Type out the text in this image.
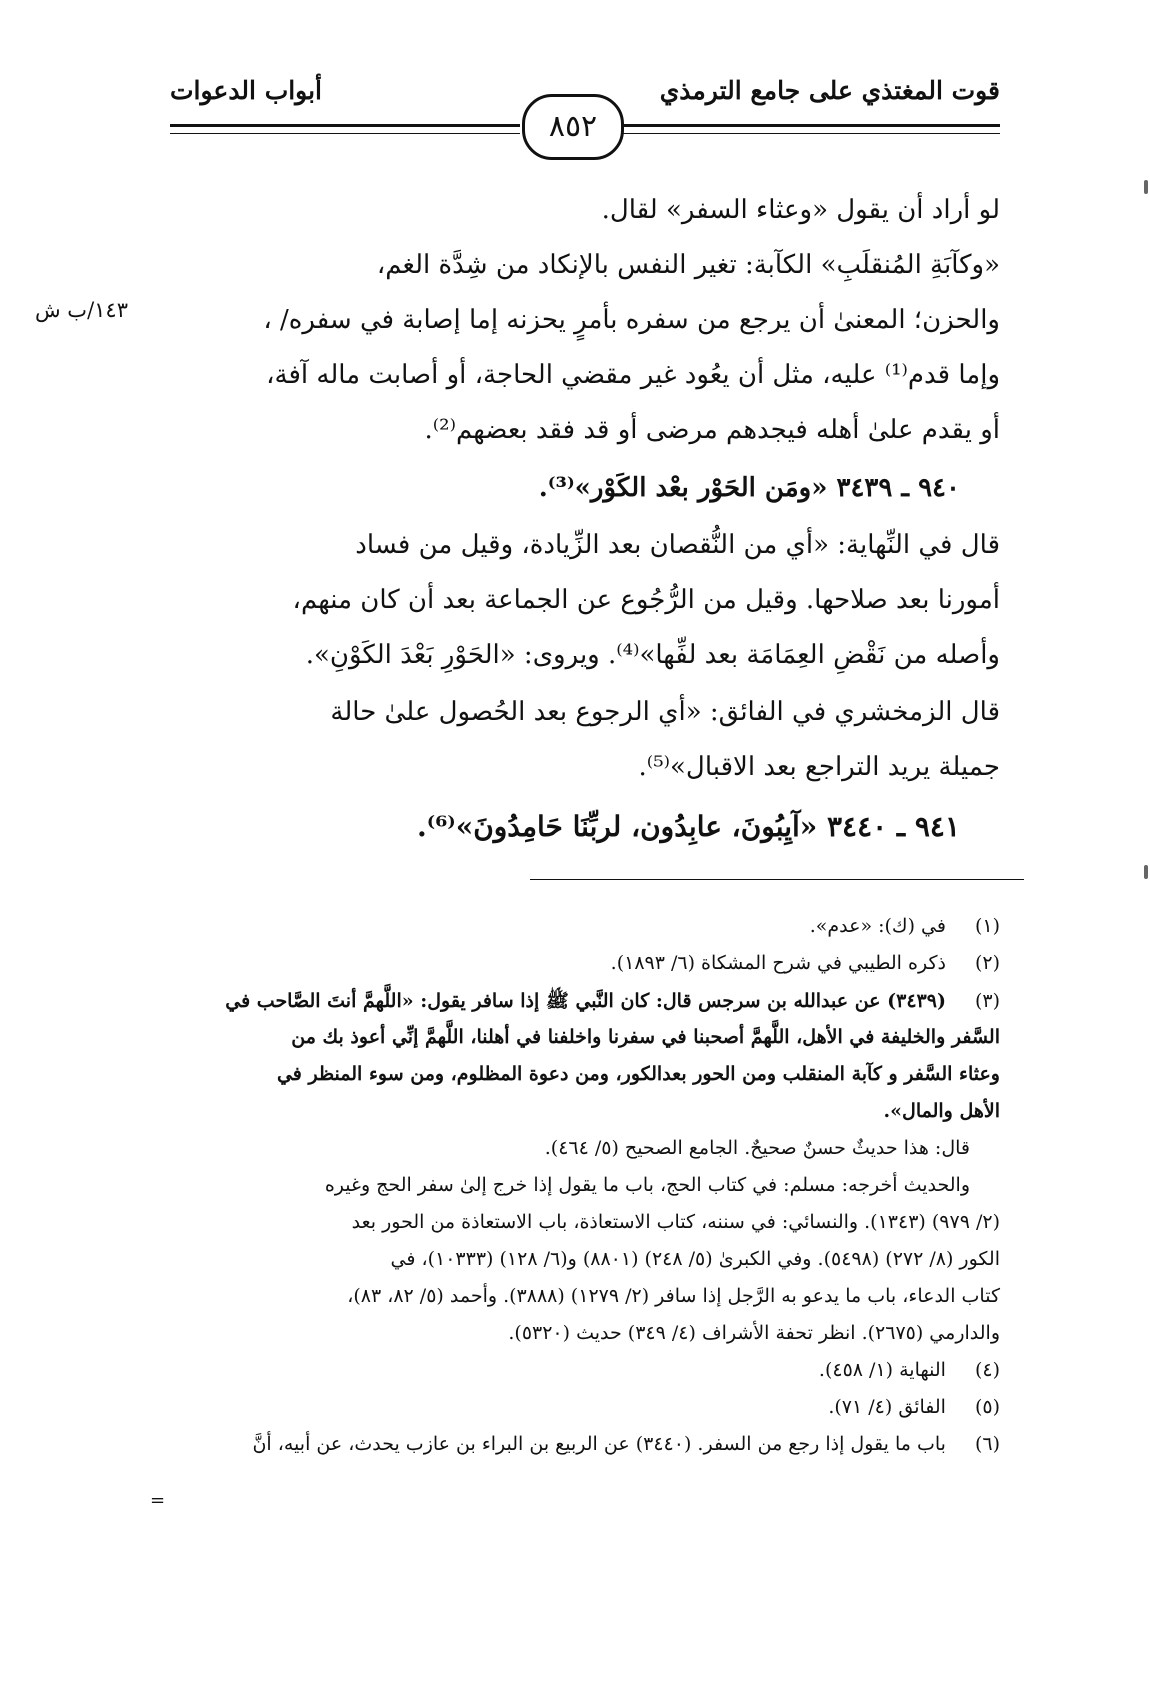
قوت المغتذي على جامع الترمذي
أبواب الدعوات
٨٥٢
١٤٣/ب ش
لو أراد أن يقول «وعثاء السفر» لقال.
«وكآبَةِ المُنقلَبِ» الكآبة: تغير النفس بالإنكاد من شِدَّة الغم،
والحزن؛ المعنىٰ أن يرجع من سفره بأمرٍ يحزنه إما إصابة في سفره/ ،
وإما قدم⁽¹⁾ عليه، مثل أن يعُود غير مقضي الحاجة، أو أصابت ماله آفة،
أو يقدم علىٰ أهله فيجدهم مرضى أو قد فقد بعضهم⁽²⁾.
٩٤٠ ـ ٣٤٣٩ «ومَن الحَوْر بعْد الكَوْر»⁽³⁾.
قال في النِّهاية: «أي من النُّقصان بعد الزِّيادة، وقيل من فساد
أمورنا بعد صلاحها. وقيل من الرُّجُوع عن الجماعة بعد أن كان منهم،
وأصله من نَقْضِ العِمَامَة بعد لفِّها»⁽⁴⁾. ويروى: «الحَوْرِ بَعْدَ الكَوْنِ».
قال الزمخشري في الفائق: «أي الرجوع بعد الحُصول علىٰ حالة
جميلة يريد التراجع بعد الاقبال»⁽⁵⁾.
٩٤١ ـ ٣٤٤٠ «آيِبُونَ، عابِدُون، لربِّنَا حَامِدُونَ»⁽⁶⁾.
(١) في (ك): «عدم».
(٢) ذكره الطيبي في شرح المشكاة (٦/ ١٨٩٣).
(٣) (٣٤٣٩) عن عبدالله بن سرجس قال: كان النَّبي ﷺ إذا سافر يقول: «اللَّهمَّ أنتَ الصَّاحب في
السَّفر والخليفة في الأهل، اللَّهمَّ أصحبنا في سفرنا واخلفنا في أهلنا، اللَّهمَّ إنِّي أعوذ بك من
وعثاء السَّفر و كآبة المنقلب ومن الحور بعدالكور، ومن دعوة المظلوم، ومن سوء المنظر في
الأهل والمال».
قال: هذا حديثٌ حسنٌ صحيحٌ. الجامع الصحيح (٥/ ٤٦٤).
والحديث أخرجه: مسلم: في كتاب الحج، باب ما يقول إذا خرج إلىٰ سفر الحج وغيره
(٢/ ٩٧٩) (١٣٤٣). والنسائي: في سننه، كتاب الاستعاذة، باب الاستعاذة من الحور بعد
الكور (٨/ ٢٧٢) (٥٤٩٨). وفي الكبرىٰ (٥/ ٢٤٨) (٨٨٠١) و(٦/ ١٢٨) (١٠٣٣٣)، في
كتاب الدعاء، باب ما يدعو به الرَّجل إذا سافر (٢/ ١٢٧٩) (٣٨٨٨). وأحمد (٥/ ٨٢، ٨٣)،
والدارمي (٢٦٧٥). انظر تحفة الأشراف (٤/ ٣٤٩) حديث (٥٣٢٠).
(٤) النهاية (١/ ٤٥٨).
(٥) الفائق (٤/ ٧١).
(٦) باب ما يقول إذا رجع من السفر. (٣٤٤٠) عن الربيع بن البراء بن عازب يحدث، عن أبيه، أنَّ
=
